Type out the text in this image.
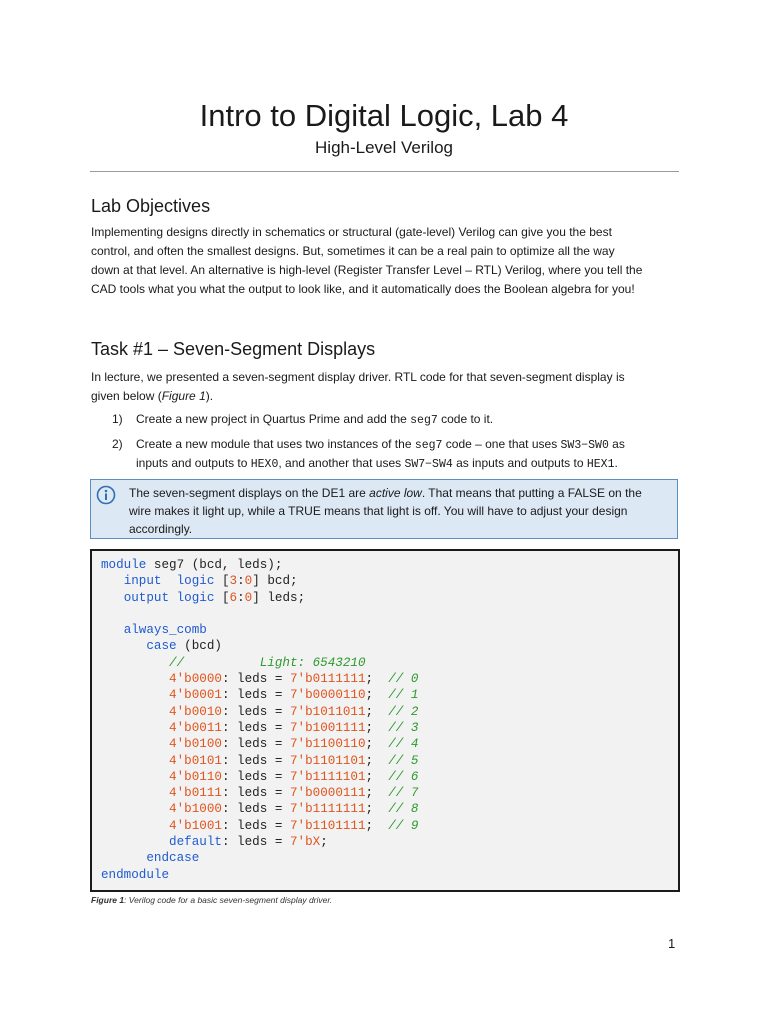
Intro to Digital Logic, Lab 4
High-Level Verilog
Lab Objectives
Implementing designs directly in schematics or structural (gate-level) Verilog can give you the best
control, and often the smallest designs. But, sometimes it can be a real pain to optimize all the way
down at that level. An alternative is high-level (Register Transfer Level – RTL) Verilog, where you tell the
CAD tools what you what the output to look like, and it automatically does the Boolean algebra for you!
Task #1 – Seven-Segment Displays
In lecture, we presented a seven-segment display driver. RTL code for that seven-segment display is
given below (Figure 1).
1) Create a new project in Quartus Prime and add the seg7 code to it.
2) Create a new module that uses two instances of the seg7 code – one that uses SW3−SW0 as
inputs and outputs to HEX0, and another that uses SW7−SW4 as inputs and outputs to HEX1.
The seven-segment displays on the DE1 are active low. That means that putting a FALSE on the
wire makes it light up, while a TRUE means that light is off. You will have to adjust your design
accordingly.
module seg7 (bcd, leds);
input logic [3:0] bcd;
output logic [6:0] leds;
always_comb
case (bcd)
//          Light: 6543210
4'b0000: leds = 7'b0111111;  // 0
4'b0001: leds = 7'b0000110;  // 1
4'b0010: leds = 7'b1011011;  // 2
4'b0011: leds = 7'b1001111;  // 3
4'b0100: leds = 7'b1100110;  // 4
4'b0101: leds = 7'b1101101;  // 5
4'b0110: leds = 7'b1111101;  // 6
4'b0111: leds = 7'b0000111;  // 7
4'b1000: leds = 7'b1111111;  // 8
4'b1001: leds = 7'b1101111;  // 9
default: leds = 7'bX;
endcase
endmodule
Figure 1: Verilog code for a basic seven-segment display driver.
1
